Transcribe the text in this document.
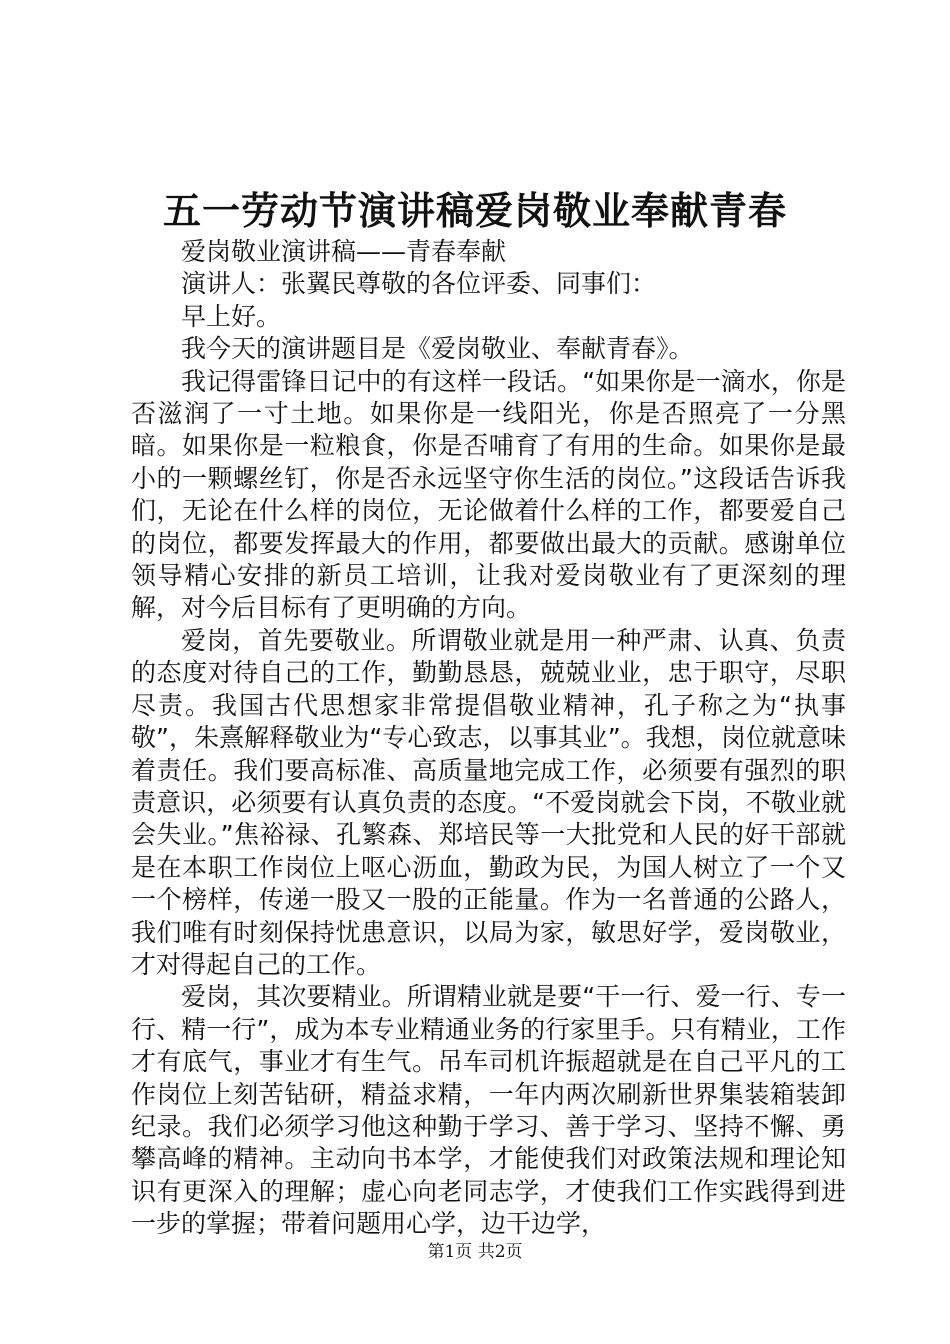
五一劳动节演讲稿爱岗敬业奉献青春

爱岗敬业演讲稿——青春奉献

演讲人：张翼民尊敬的各位评委、同事们：

早上好。

我今天的演讲题目是《爱岗敬业、奉献青春》。

我记得雷锋日记中的有这样一段话。“如果你是一滴水，你是否滋润了一寸土地。如果你是一线阳光，你是否照亮了一分黑暗。如果你是一粒粮食，你是否哺育了有用的生命。如果你是最小的一颗螺丝钉，你是否永远坚守你生活的岗位。”这段话告诉我们，无论在什么样的岗位，无论做着什么样的工作，都要爱自己的岗位，都要发挥最大的作用，都要做出最大的贡献。感谢单位领导精心安排的新员工培训，让我对爱岗敬业有了更深刻的理解，对今后目标有了更明确的方向。

爱岗，首先要敬业。所谓敬业就是用一种严肃、认真、负责的态度对待自己的工作，勤勤恳恳，兢兢业业，忠于职守，尽职尽责。我国古代思想家非常提倡敬业精神，孔子称之为“执事敬”，朱熹解释敬业为“专心致志，以事其业”。我想，岗位就意味着责任。我们要高标准、高质量地完成工作，必须要有强烈的职责意识，必须要有认真负责的态度。“不爱岗就会下岗，不敬业就会失业。”焦裕禄、孔繁森、郑培民等一大批党和人民的好干部就是在本职工作岗位上呕心沥血，勤政为民，为国人树立了一个又一个榜样，传递一股又一股的正能量。作为一名普通的公路人，我们唯有时刻保持忧患意识，以局为家，敏思好学，爱岗敬业，才对得起自己的工作。

爱岗，其次要精业。所谓精业就是要“干一行、爱一行、专一行、精一行”，成为本专业精通业务的行家里手。只有精业，工作才有底气，事业才有生气。吊车司机许振超就是在自己平凡的工作岗位上刻苦钻研，精益求精，一年内两次刷新世界集装箱装卸纪录。我们必须学习他这种勤于学习、善于学习、坚持不懈、勇攀高峰的精神。主动向书本学，才能使我们对政策法规和理论知识有更深入的理解；虚心向老同志学，才使我们工作实践得到进一步的掌握；带着问题用心学，边干边学，

第1页 共2页
